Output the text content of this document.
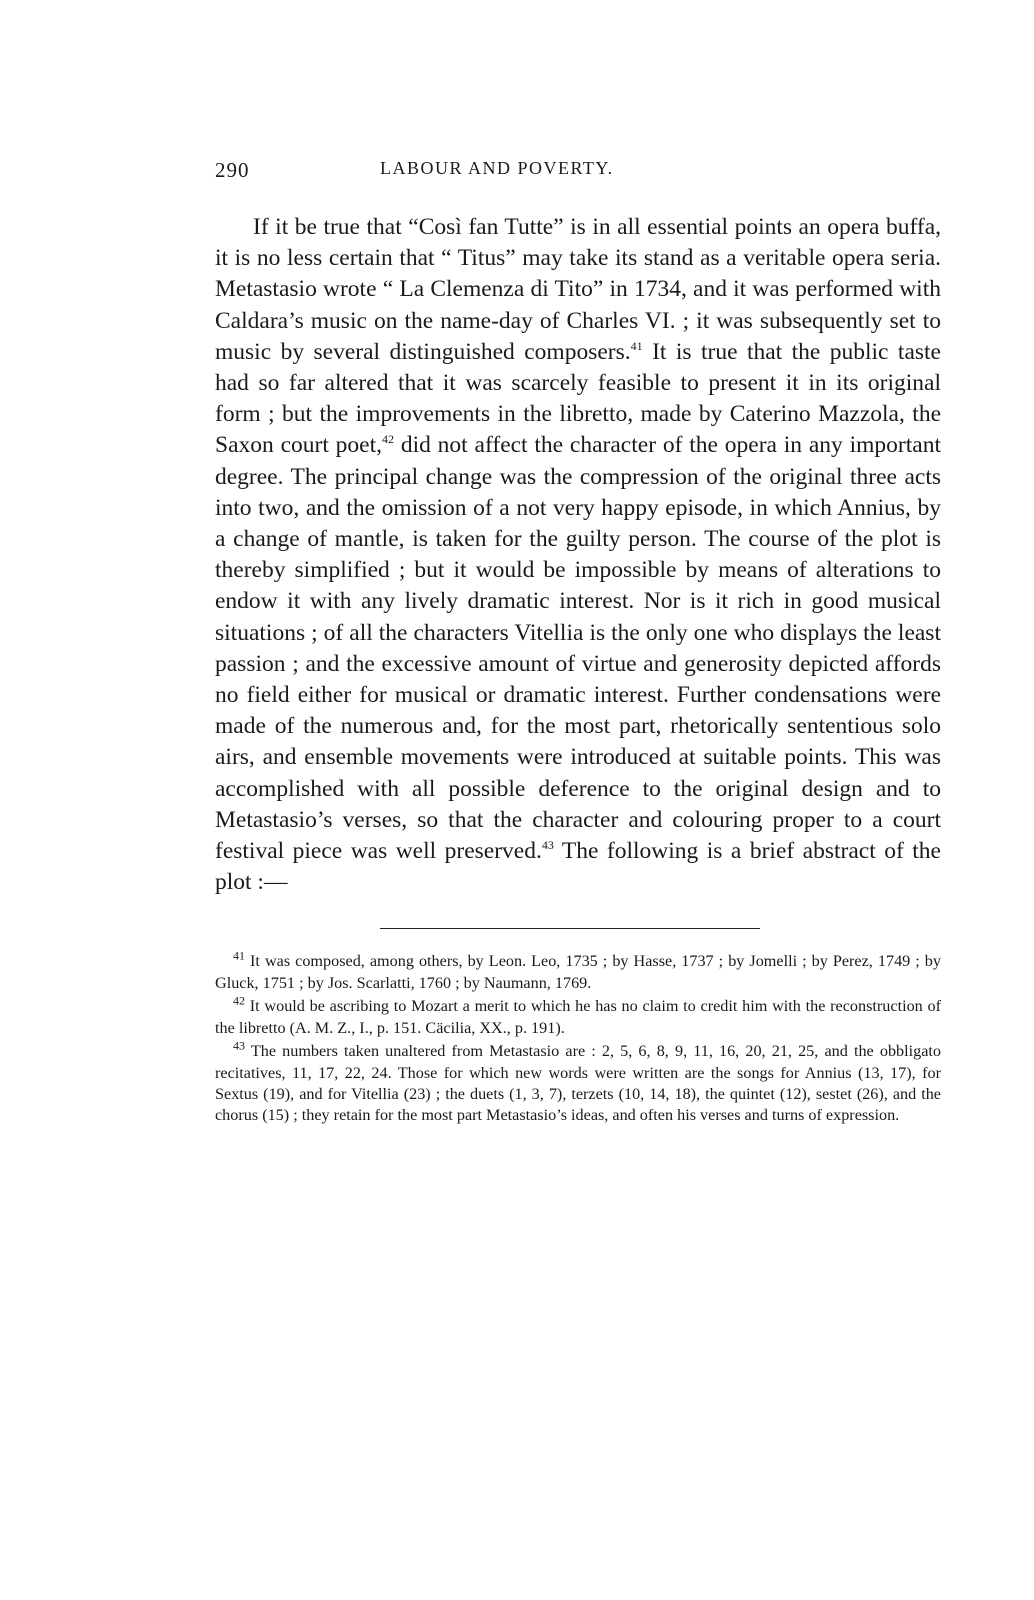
290	LABOUR AND POVERTY.

If it be true that “Così fan Tutte” is in all essential points an opera buffa, it is no less certain that “ Titus” may take its stand as a veritable opera seria. Metastasio wrote “ La Clemenza di Tito” in 1734, and it was performed with Caldara’s music on the name-day of Charles VI. ; it was subsequently set to music by several distinguished composers.$^{41}$ It is true that the public taste had so far altered that it was scarcely feasible to present it in its original form ; but the improvements in the libretto, made by Caterino Mazzola, the Saxon court poet,$^{42}$ did not affect the character of the opera in any important degree. The principal change was the compression of the original three acts into two, and the omission of a not very happy episode, in which Annius, by a change of mantle, is taken for the guilty person. The course of the plot is thereby simplified ; but it would be impossible by means of alterations to endow it with any lively dramatic interest. Nor is it rich in good musical situations ; of all the characters Vitellia is the only one who displays the least passion ; and the excessive amount of virtue and generosity depicted affords no field either for musical or dramatic interest. Further condensations were made of the numerous and, for the most part, rhetorically sententious solo airs, and ensemble movements were introduced at suitable points. This was accomplished with all possible deference to the original design and to Metastasio’s verses, so that the character and colouring proper to a court festival piece was well preserved.$^{43}$ The following is a brief abstract of the plot :—

$^{41}$ It was composed, among others, by Leon. Leo, 1735 ; by Hasse, 1737 ; by Jomelli ; by Perez, 1749 ; by Gluck, 1751 ; by Jos. Scarlatti, 1760 ; by Naumann, 1769.

$^{42}$ It would be ascribing to Mozart a merit to which he has no claim to credit him with the reconstruction of the libretto (A. M. Z., I., p. 151. Cäcilia, XX., p. 191).

$^{43}$ The numbers taken unaltered from Metastasio are : 2, 5, 6, 8, 9, 11, 16, 20, 21, 25, and the obbligato recitatives, 11, 17, 22, 24. Those for which new words were written are the songs for Annius (13, 17), for Sextus (19), and for Vitellia (23) ; the duets (1, 3, 7), terzets (10, 14, 18), the quintet (12), sestet (26), and the chorus (15) ; they retain for the most part Metastasio’s ideas, and often his verses and turns of expression.
